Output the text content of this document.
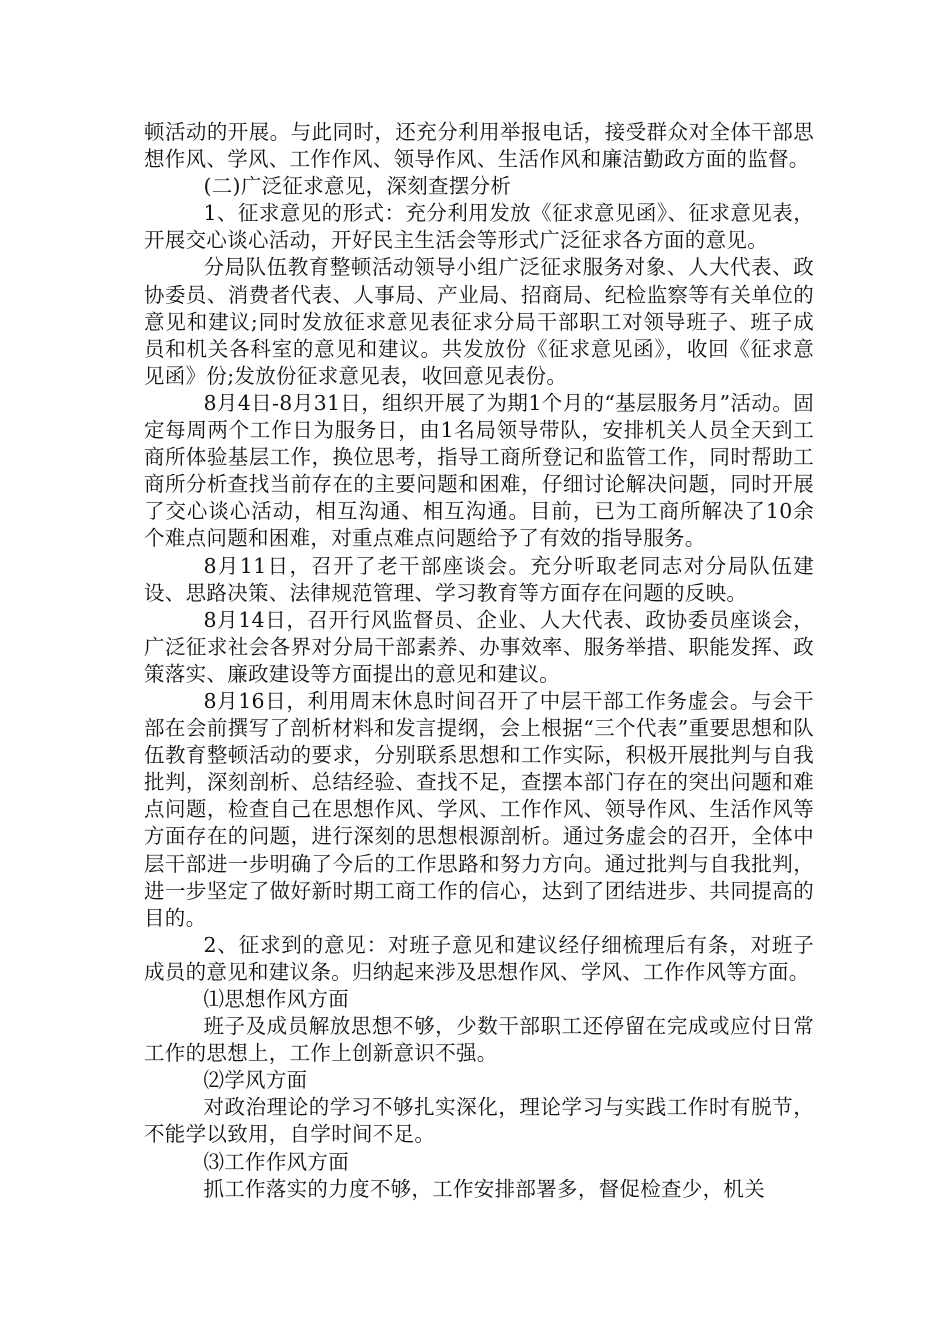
顿活动的开展。与此同时，还充分利用举报电话，接受群众对全体干部思想作风、学风、工作作风、领导作风、生活作风和廉洁勤政方面的监督。

(二)广泛征求意见，深刻查摆分析

1、征求意见的形式：充分利用发放《征求意见函》、征求意见表，开展交心谈心活动，开好民主生活会等形式广泛征求各方面的意见。

分局队伍教育整顿活动领导小组广泛征求服务对象、人大代表、政协委员、消费者代表、人事局、产业局、招商局、纪检监察等有关单位的意见和建议;同时发放征求意见表征求分局干部职工对领导班子、班子成员和机关各科室的意见和建议。共发放份《征求意见函》，收回《征求意见函》份;发放份征求意见表，收回意见表份。

8月4日-8月31日，组织开展了为期1个月的“基层服务月”活动。固定每周两个工作日为服务日，由1名局领导带队，安排机关人员全天到工商所体验基层工作，换位思考，指导工商所登记和监管工作，同时帮助工商所分析查找当前存在的主要问题和困难，仔细讨论解决问题，同时开展了交心谈心活动，相互沟通、相互沟通。目前，已为工商所解决了10余个难点问题和困难，对重点难点问题给予了有效的指导服务。

8月11日，召开了老干部座谈会。充分听取老同志对分局队伍建设、思路决策、法律规范管理、学习教育等方面存在问题的反映。

8月14日，召开行风监督员、企业、人大代表、政协委员座谈会，广泛征求社会各界对分局干部素养、办事效率、服务举措、职能发挥、政策落实、廉政建设等方面提出的意见和建议。

8月16日，利用周末休息时间召开了中层干部工作务虚会。与会干部在会前撰写了剖析材料和发言提纲，会上根据“三个代表”重要思想和队伍教育整顿活动的要求，分别联系思想和工作实际，积极开展批判与自我批判，深刻剖析、总结经验、查找不足，查摆本部门存在的突出问题和难点问题，检查自己在思想作风、学风、工作作风、领导作风、生活作风等方面存在的问题，进行深刻的思想根源剖析。通过务虚会的召开，全体中层干部进一步明确了今后的工作思路和努力方向。通过批判与自我批判，进一步坚定了做好新时期工商工作的信心，达到了团结进步、共同提高的目的。

2、征求到的意见：对班子意见和建议经仔细梳理后有条，对班子成员的意见和建议条。归纳起来涉及思想作风、学风、工作作风等方面。

⑴思想作风方面

班子及成员解放思想不够，少数干部职工还停留在完成或应付日常工作的思想上，工作上创新意识不强。

⑵学风方面

对政治理论的学习不够扎实深化，理论学习与实践工作时有脱节，不能学以致用，自学时间不足。

⑶工作作风方面

抓工作落实的力度不够，工作安排部署多，督促检查少，机关
